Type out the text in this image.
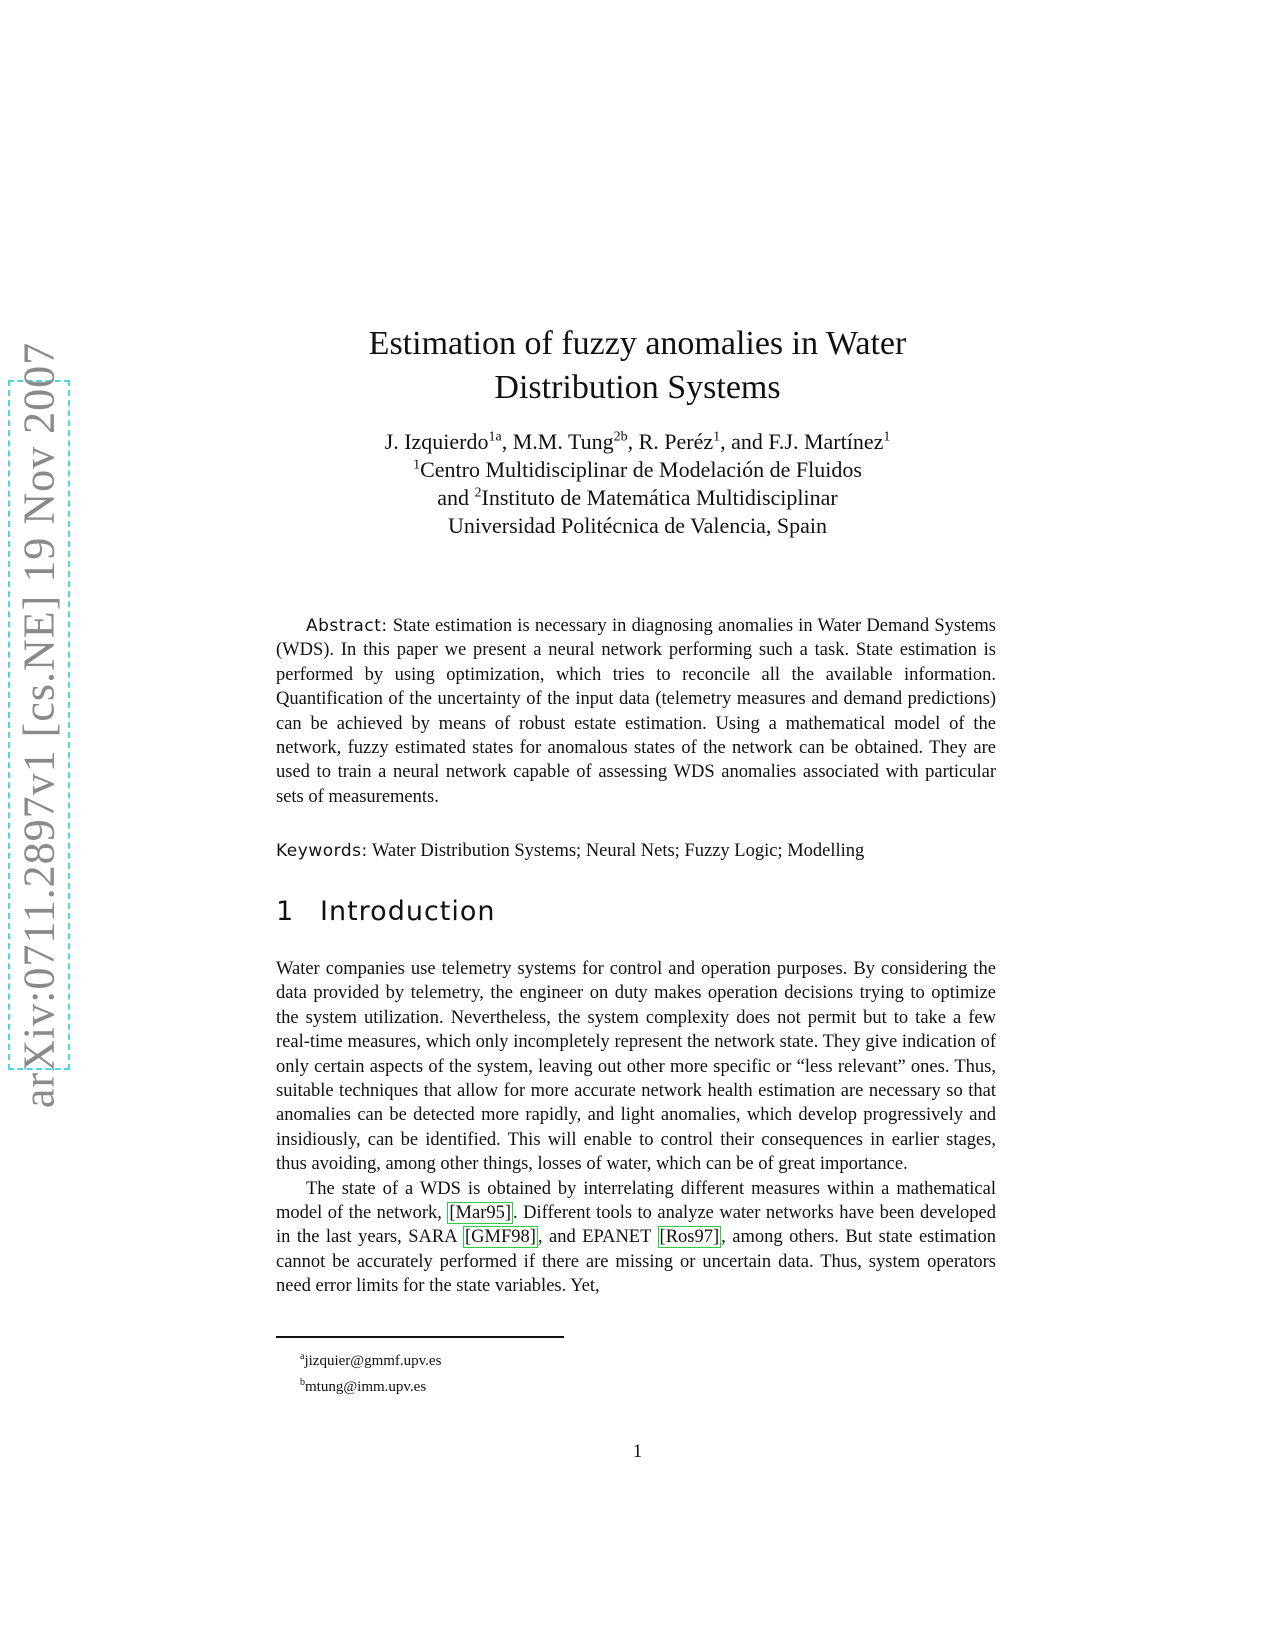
arXiv:0711.2897v1 [cs.NE] 19 Nov 2007	Estimation of fuzzy anomalies in Water
Distribution Systems
J. Izquierdo$^{1a}$, M.M. Tung$^{2b}$, R. Peréz$^1$, and F.J. Martínez$^1$
$^1$Centro Multidisciplinar de Modelación de Fluidos
and $^2$Instituto de Matemática Multidisciplinar
Universidad Politécnica de Valencia, Spain

Abstract: State estimation is necessary in diagnosing anomalies in Water Demand Systems (WDS). In this paper we present a neural network performing such a task. State estimation is performed by using optimization, which tries to reconcile all the available information. Quantification of the uncertainty of the input data (telemetry measures and demand predictions) can be achieved by means of robust estate estimation. Using a mathematical model of the network, fuzzy estimated states for anomalous states of the network can be obtained. They are used to train a neural network capable of assessing WDS anomalies associated with particular sets of measurements.

Keywords: Water Distribution Systems; Neural Nets; Fuzzy Logic; Modelling

1 Introduction

Water companies use telemetry systems for control and operation purposes. By considering the data provided by telemetry, the engineer on duty makes operation decisions trying to optimize the system utilization. Nevertheless, the system complexity does not permit but to take a few real-time measures, which only incompletely represent the network state. They give indication of only certain aspects of the system, leaving out other more specific or “less relevant” ones. Thus, suitable techniques that allow for more accurate network health estimation are necessary so that anomalies can be detected more rapidly, and light anomalies, which develop progressively and insidiously, can be identified. This will enable to control their consequences in earlier stages, thus avoiding, among other things, losses of water, which can be of great importance.

The state of a WDS is obtained by interrelating different measures within a mathematical model of the network, [Mar95] . Different tools to analyze water networks have been developed in the last years, SARA [GMF98] , and EPANET [Ros97] , among others. But state estimation cannot be accurately performed if there are missing or uncertain data. Thus, system operators need error limits for the state variables. Yet,

$^a$jizquier@gmmf.upv.es
$^b$mtung@imm.upv.es
1
